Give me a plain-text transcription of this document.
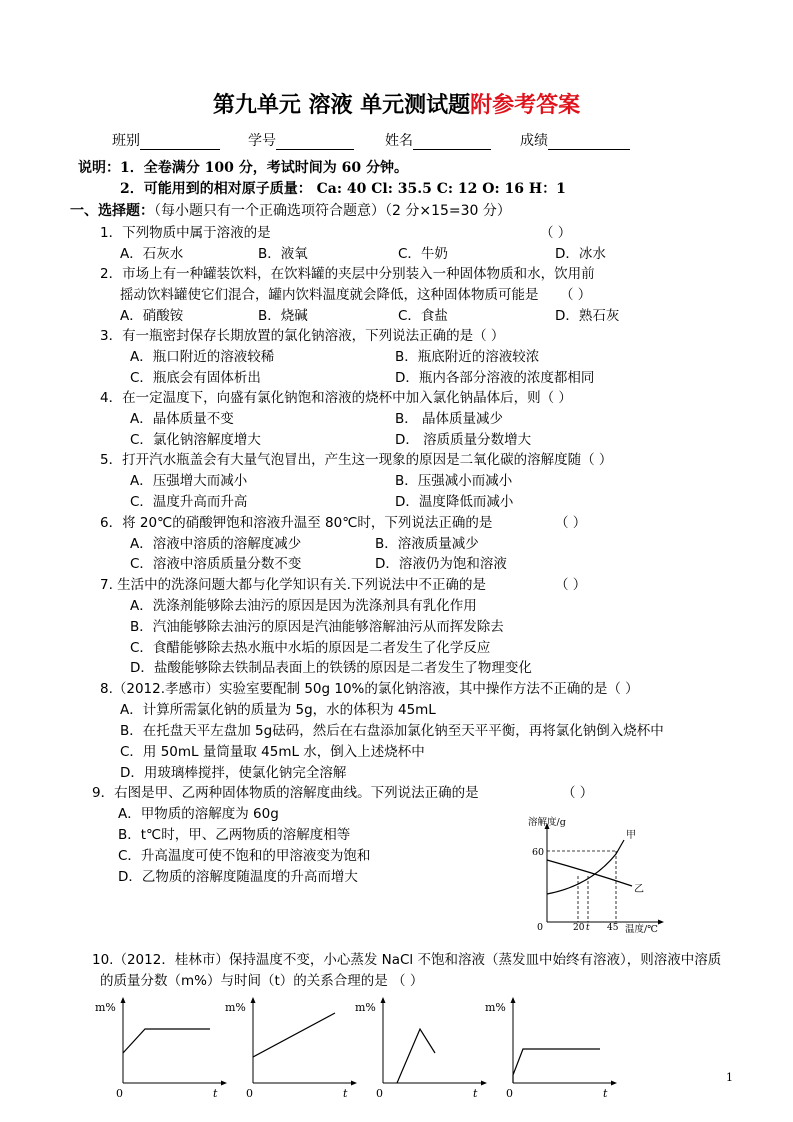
第九单元 溶液 单元测试题附参考答案
班别	学号	姓名	成绩
说明：1．全卷满分 100 分，考试时间为 60 分钟。
2．可能用到的相对原子质量： Ca: 40 Cl: 35.5 C: 12 O: 16 H：1
一、选择题：（每小题只有一个正确选项符合题意）（2 分×15=30 分）
1．下列物质中属于溶液的是	（ ）
A．石灰水	B．液氧	C．牛奶	D．冰水
2．市场上有一种罐装饮料，在饮料罐的夹层中分别装入一种固体物质和水，饮用前
摇动饮料罐使它们混合，罐内饮料温度就会降低，这种固体物质可能是 （ ）
A．硝酸铵	B．烧碱	C．食盐	D．熟石灰
3．有一瓶密封保存长期放置的氯化钠溶液，下列说法正确的是（ ）
A．瓶口附近的溶液较稀	B．瓶底附近的溶液较浓
C．瓶底会有固体析出	D．瓶内各部分溶液的浓度都相同
4．在一定温度下，向盛有氯化钠饱和溶液的烧杯中加入氯化钠晶体后，则（ ）
A．晶体质量不变	B． 晶体质量减少
C．氯化钠溶解度增大	D． 溶质质量分数增大
5．打开汽水瓶盖会有大量气泡冒出，产生这一现象的原因是二氧化碳的溶解度随（ ）
A．压强增大而减小	B．压强减小而减小
C．温度升高而升高	D．温度降低而减小
6．将 20℃的硝酸钾饱和溶液升温至 80℃时，下列说法正确的是	（ ）
A．溶液中溶质的溶解度减少	B．溶液质量减少
C．溶液中溶质质量分数不变	D．溶液仍为饱和溶液
7. 生活中的洗涤问题大都与化学知识有关.下列说法中不正确的是	（ ）
A．洗涤剂能够除去油污的原因是因为洗涤剂具有乳化作用
B．汽油能够除去油污的原因是汽油能够溶解油污从而挥发除去
C．食醋能够除去热水瓶中水垢的原因是二者发生了化学反应
D．盐酸能够除去铁制品表面上的铁锈的原因是二者发生了物理变化
8.（2012.孝感市）实验室要配制 50g 10%的氯化钠溶液，其中操作方法不正确的是（ ）
A．计算所需氯化钠的质量为 5g，水的体积为 45mL
B．在托盘天平左盘加 5g砝码，然后在右盘添加氯化钠至天平平衡，再将氯化钠倒入烧杯中
C．用 50mL 量筒量取 45mL 水，倒入上述烧杯中
D．用玻璃棒搅拌，使氯化钠完全溶解
9．右图是甲、乙两种固体物质的溶解度曲线。下列说法正确的是	（ ）
A．甲物质的溶解度为 60g
B．t℃时，甲、乙两物质的溶解度相等
C．升高温度可使不饱和的甲溶液变为饱和
D．乙物质的溶解度随温度的升高而增大
溶解度/g
温度/℃
60
0	20 t 45
甲
乙
10.（2012．桂林市）保持温度不变，小心蒸发 NaCl 不饱和溶液（蒸发皿中始终有溶液），则溶液中溶质
的质量分数（m%）与时间（t）的关系合理的是 （ ）
m%
0	t
m%
0	t
m%
0	t
m%
0	t
1
